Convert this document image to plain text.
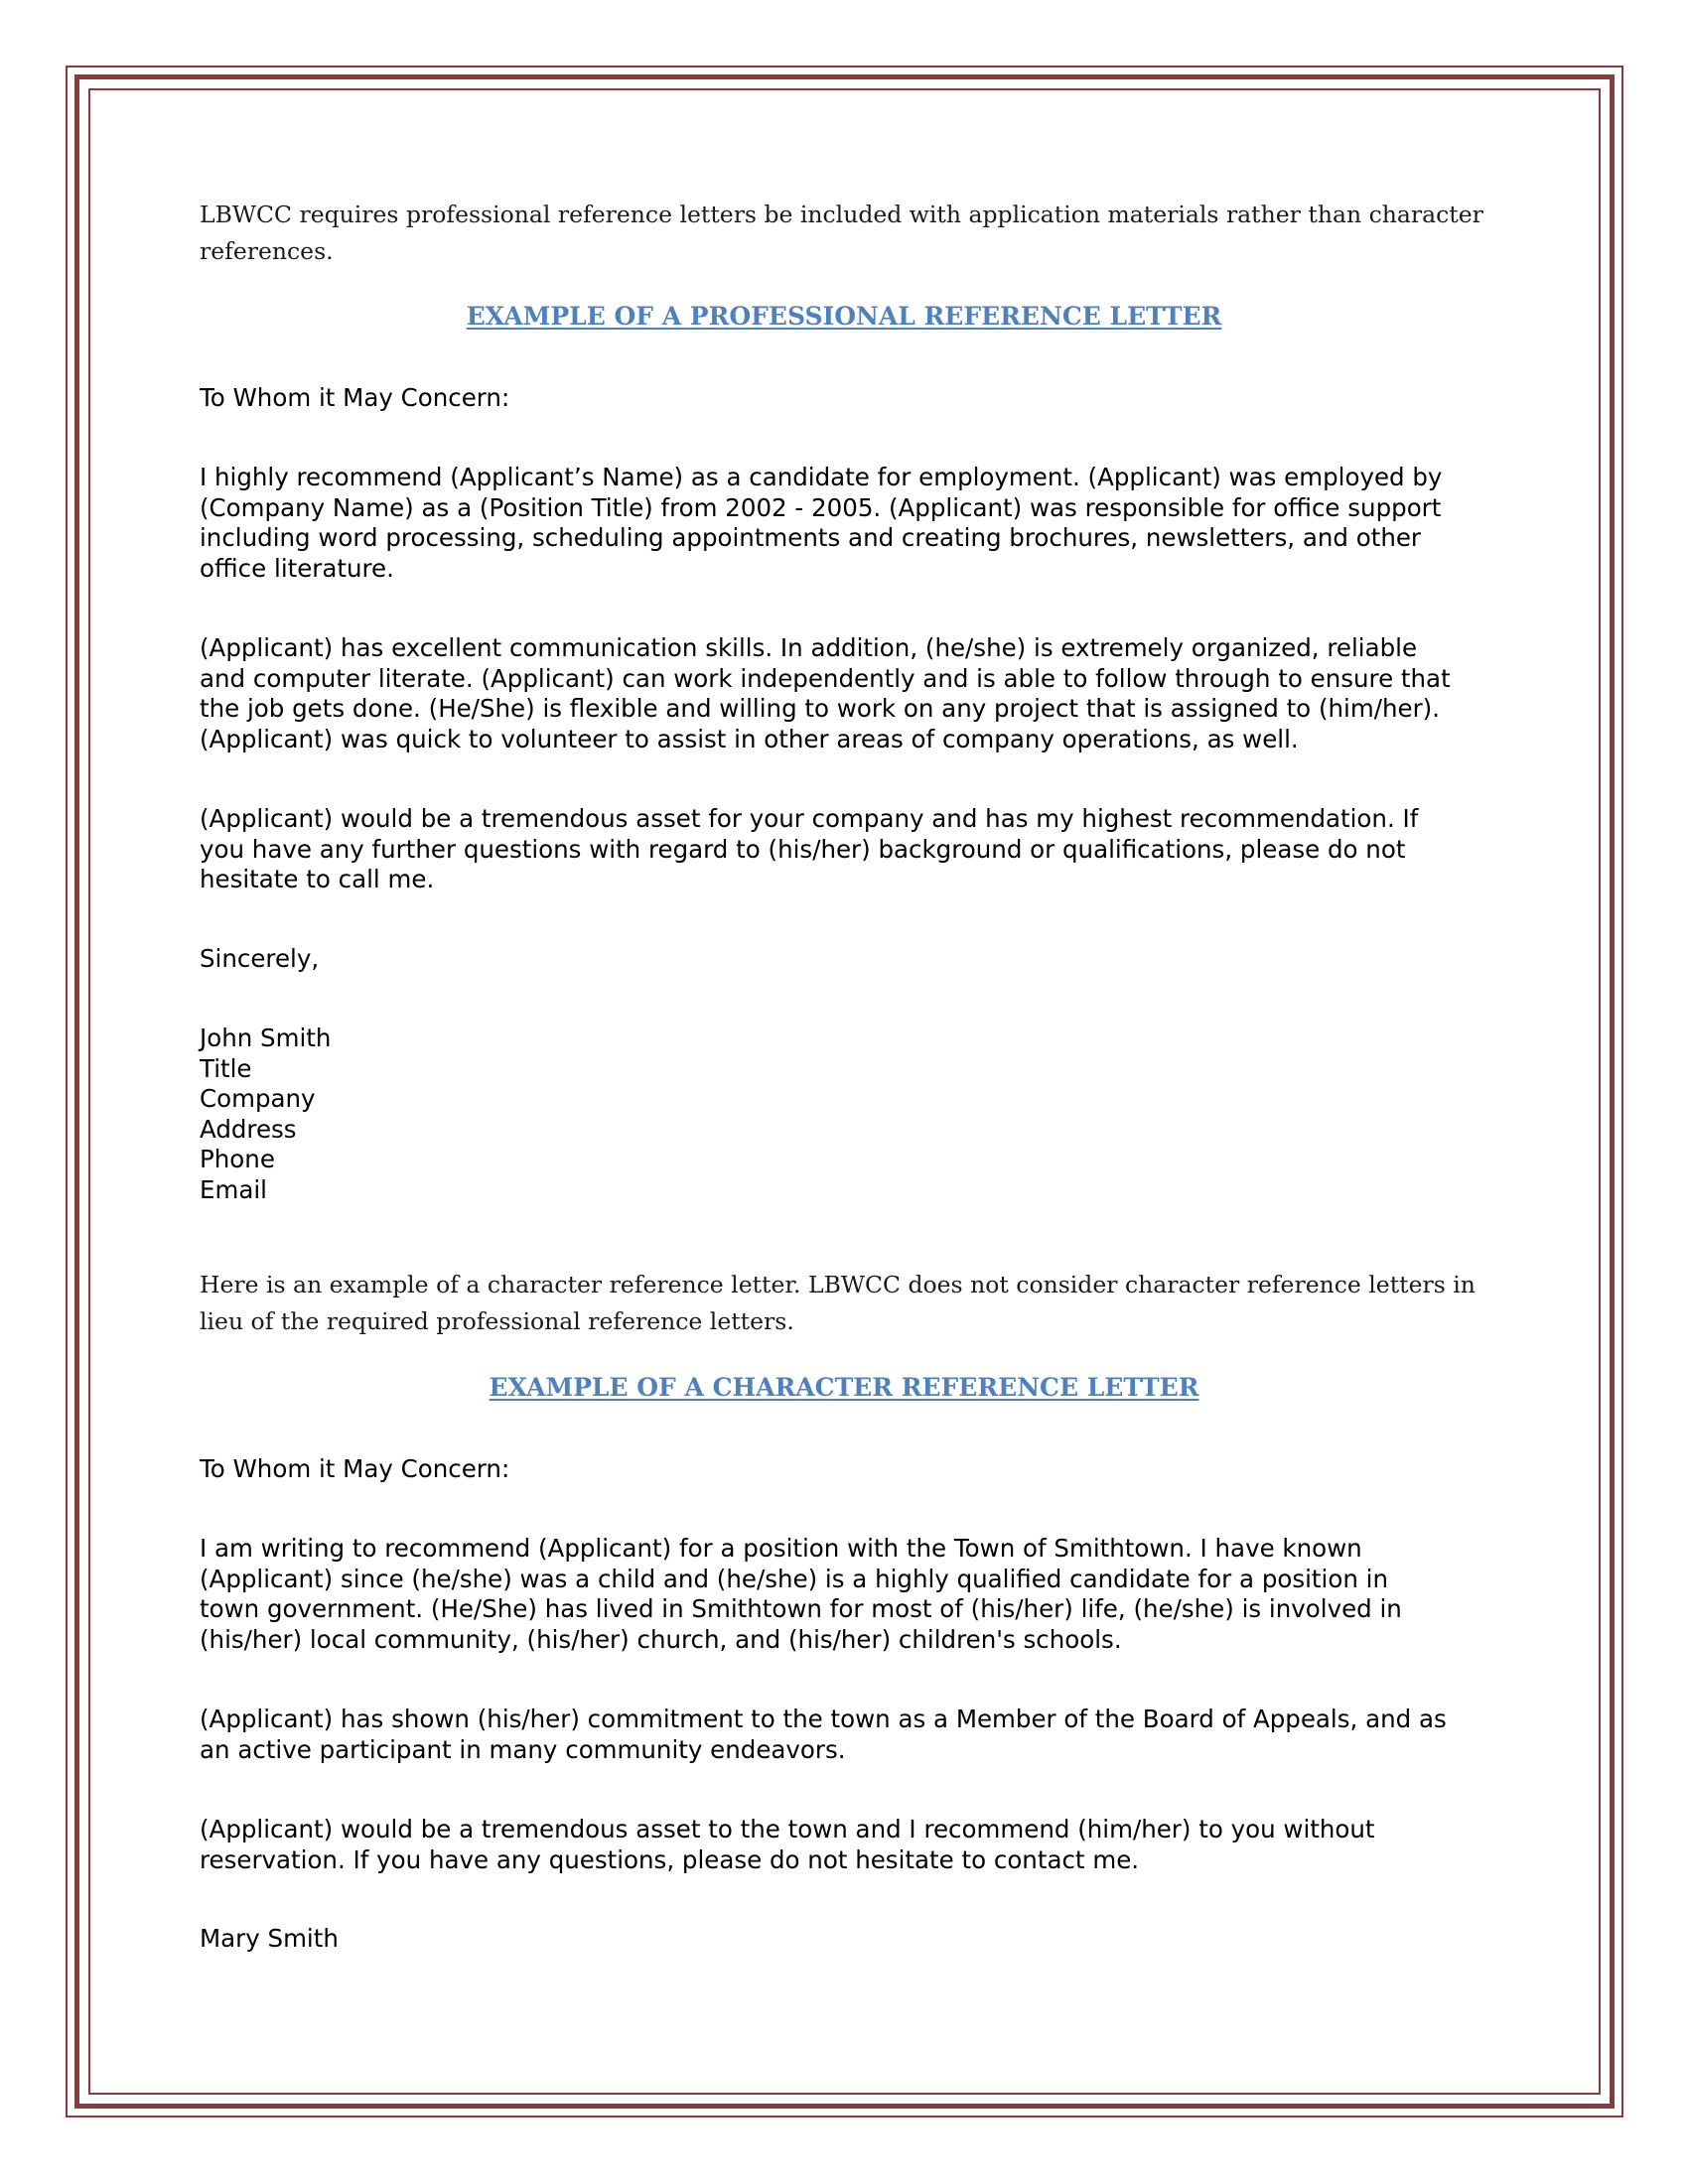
LBWCC requires professional reference letters be included with application materials rather than character references.
EXAMPLE OF A PROFESSIONAL REFERENCE LETTER
To Whom it May Concern:
I highly recommend (Applicant’s Name) as a candidate for employment. (Applicant) was employed by
(Company Name) as a (Position Title) from 2002 - 2005. (Applicant) was responsible for office support
including word processing, scheduling appointments and creating brochures, newsletters, and other
office literature.
(Applicant) has excellent communication skills. In addition, (he/she) is extremely organized, reliable
and computer literate. (Applicant) can work independently and is able to follow through to ensure that
the job gets done. (He/She) is flexible and willing to work on any project that is assigned to (him/her).
(Applicant) was quick to volunteer to assist in other areas of company operations, as well.
(Applicant) would be a tremendous asset for your company and has my highest recommendation. If
you have any further questions with regard to (his/her) background or qualifications, please do not
hesitate to call me.
Sincerely,
John Smith
Title
Company
Address
Phone
Email
Here is an example of a character reference letter. LBWCC does not consider character reference letters in lieu of the required professional reference letters.
EXAMPLE OF A CHARACTER REFERENCE LETTER
To Whom it May Concern:
I am writing to recommend (Applicant) for a position with the Town of Smithtown. I have known
(Applicant) since (he/she) was a child and (he/she) is a highly qualified candidate for a position in
town government. (He/She) has lived in Smithtown for most of (his/her) life, (he/she) is involved in
(his/her) local community, (his/her) church, and (his/her) children's schools.
(Applicant) has shown (his/her) commitment to the town as a Member of the Board of Appeals, and as
an active participant in many community endeavors.
(Applicant) would be a tremendous asset to the town and I recommend (him/her) to you without
reservation. If you have any questions, please do not hesitate to contact me.
Mary Smith
